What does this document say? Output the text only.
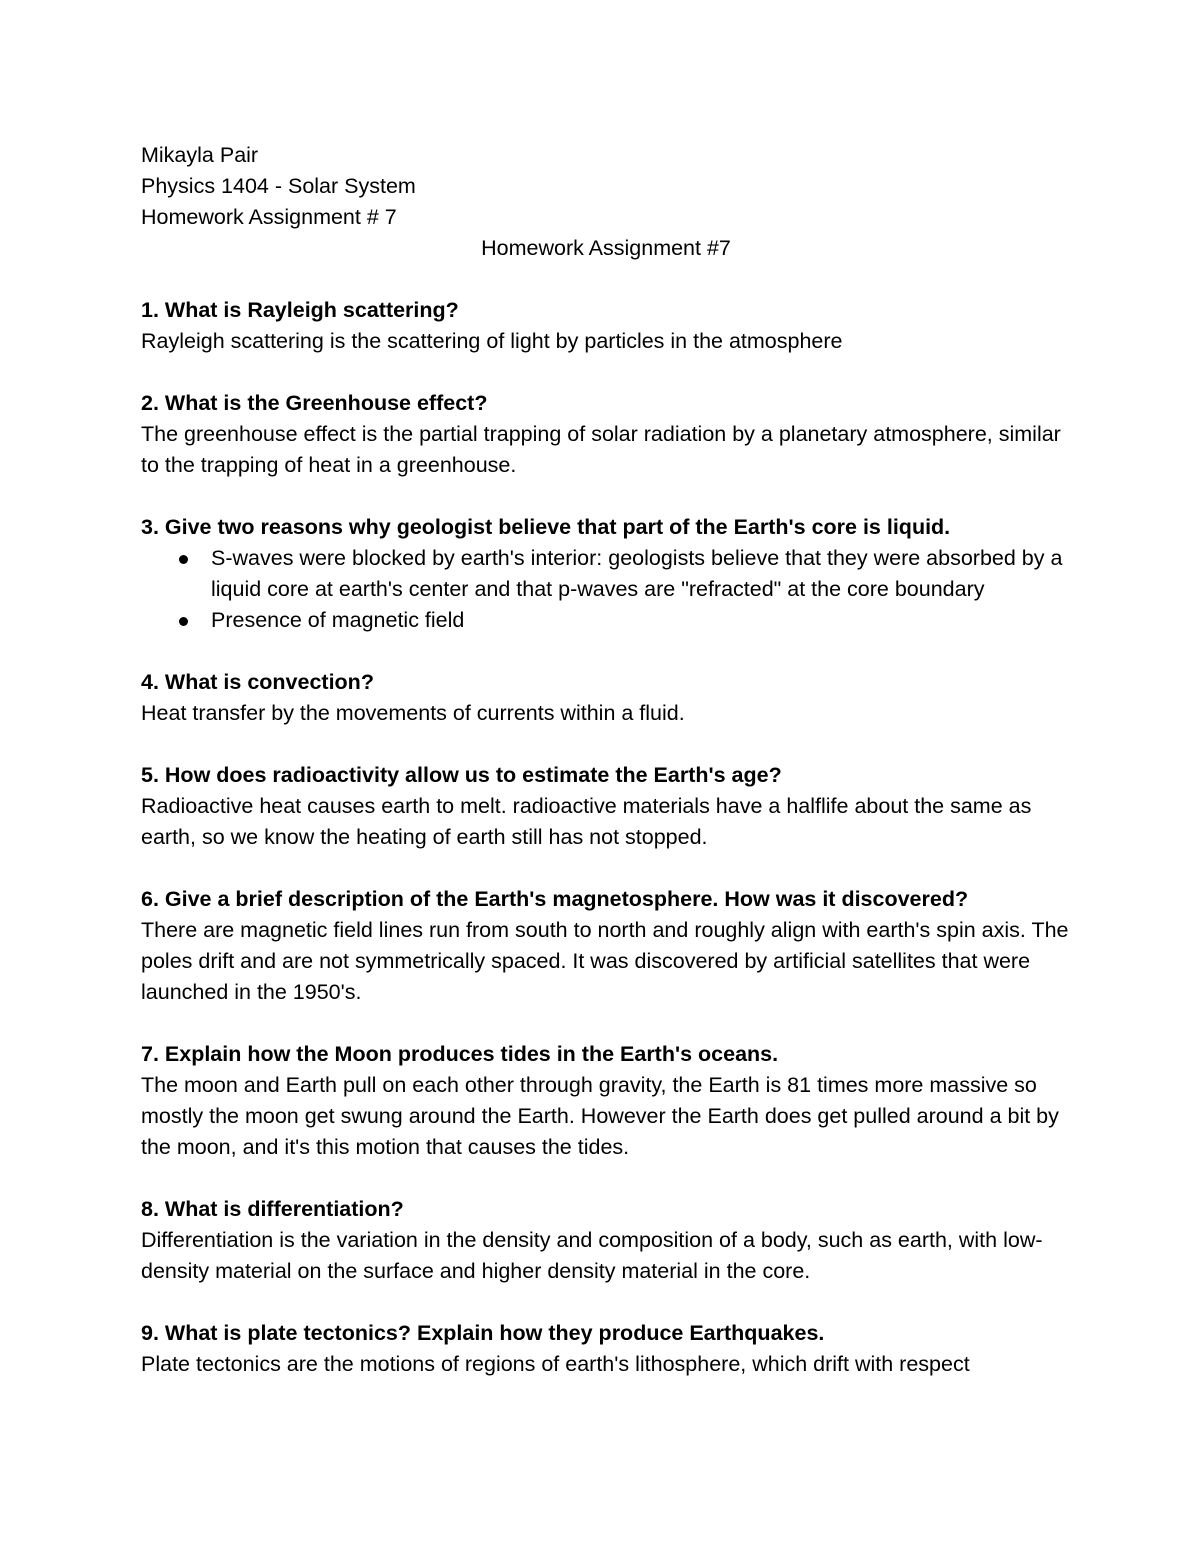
Mikayla Pair

Physics 1404 - Solar System

Homework Assignment # 7

Homework Assignment #7

1. What is Rayleigh scattering?

Rayleigh scattering is the scattering of light by particles in the atmosphere

2. What is the Greenhouse effect?

The greenhouse effect is the partial trapping of solar radiation by a planetary atmosphere, similar to the trapping of heat in a greenhouse.

3. Give two reasons why geologist believe that part of the Earth's core is liquid.

S-waves were blocked by earth's interior: geologists believe that they were absorbed by a liquid core at earth's center and that p-waves are "refracted" at the core boundary
Presence of magnetic field

4. What is convection?

Heat transfer by the movements of currents within a fluid.

5. How does radioactivity allow us to estimate the Earth's age?

Radioactive heat causes earth to melt. radioactive materials have a halflife about the same as earth, so we know the heating of earth still has not stopped.

6. Give a brief description of the Earth's magnetosphere. How was it discovered?

There are magnetic field lines run from south to north and roughly align with earth's spin axis. The poles drift and are not symmetrically spaced. It was discovered by artificial satellites that were launched in the 1950's.

7. Explain how the Moon produces tides in the Earth's oceans.

The moon and Earth pull on each other through gravity, the Earth is 81 times more massive so mostly the moon get swung around the Earth. However the Earth does get pulled around a bit by the moon, and it's this motion that causes the tides.

8. What is differentiation?

Differentiation is the variation in the density and composition of a body, such as earth, with low-density material on the surface and higher density material in the core.

9. What is plate tectonics? Explain how they produce Earthquakes.

Plate tectonics are the motions of regions of earth's lithosphere, which drift with respect
